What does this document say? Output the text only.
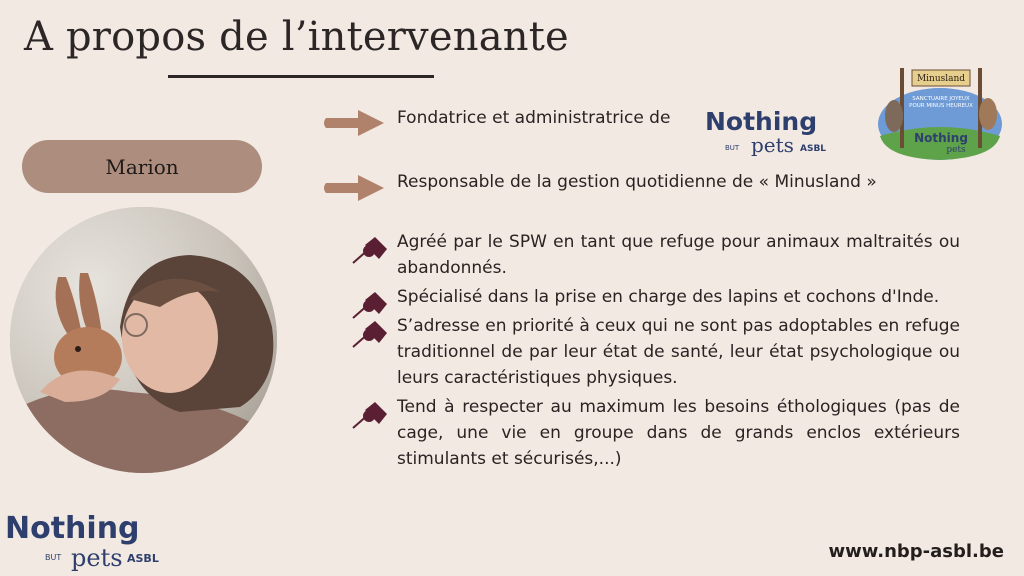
A propos de l’intervenante
Marion
Fondatrice et administratrice de Nothing
BUT pets ASBL
Minusland
SANCTUAIRE JOYEUX
POUR MINUS HEUREUX
Nothing
pets
Responsable de la gestion quotidienne de « Minusland »
Agréé par le SPW en tant que refuge pour animaux maltraités ou abandonnés.
Spécialisé dans la prise en charge des lapins et cochons d'Inde.
S’adresse en priorité à ceux qui ne sont pas adoptables en refuge traditionnel de par leur état de santé, leur état psychologique ou leurs caractéristiques physiques.
Tend à respecter au maximum les besoins éthologiques (pas de cage, une vie en groupe dans de grands enclos extérieurs stimulants et sécurisés,...)
Nothing
BUT pets ASBL	www.nbp-asbl.be
